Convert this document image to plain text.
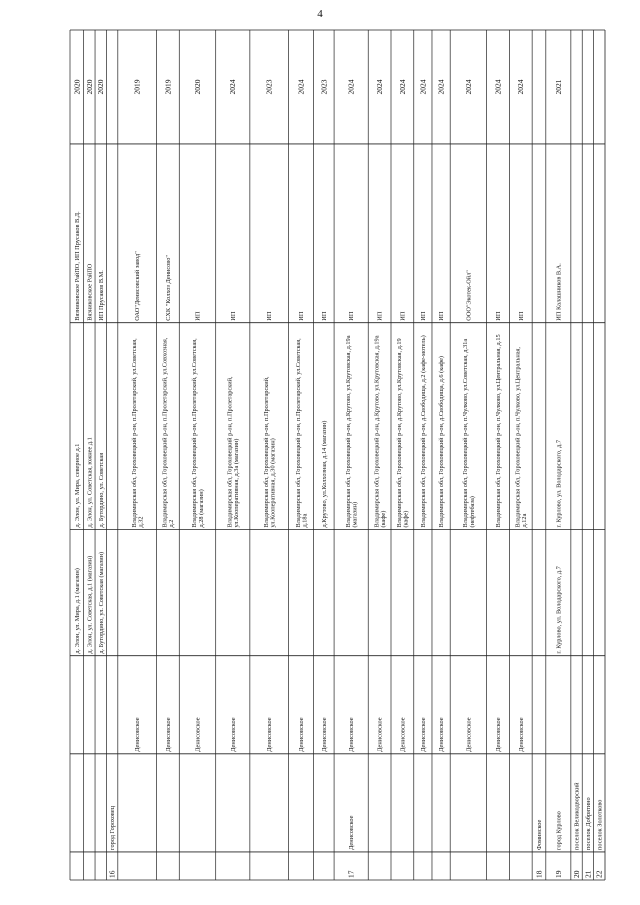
4
д. Элон, ул. Мира, д.1 (магазин)
д. Элон, ул. Мира, северное д.1
Вязниковское РайПО, ИП Прусаков В.Д.
2020
д. Элон, ул. Советская, д.1 (магазин)
д. Элон, ул. Советская, южнее д.1
Вязниковское РайПО
2020
д. Бутордино, ул. Советская (магазин)
д. Бутордино, ул. Советская
ИП Прусаков В.М.
2020
16
город Гороховец
Денисовское
Владимирская обл, Гороховецкий р-он, п.Пролетарский, ул.Советская,д.32
ОАО"Денисовский завод"
2019
Денисовское
Владимирская обл, Гороховецкий р-он, п.Пролетарский, ул.Совхозная,д.2
СХК "Колхоз Денисово"
2019
Денисовское
Владимирская обл, Гороховецкий р-он, п.Пролетарский, ул.Советская,д.28 (магазин)
ИП
2020
Денисовское
Владимирская обл, Гороховецкий р-он, п.Пролетарский,ул.Кооперативная, д.3а (магазин)
ИП
2024
Денисовское
Владимирская обл, Гороховецкий р-он, п.Пролетарский,ул.Кооперативная, д.30 (магазин)
ИП
2023
Денисовское
Владимирская обл, Гороховецкий р-он, п.Пролетарский, ул.Советская,д.18а
ИП
2024
Денисовское
д.Крутово, ул.Колхозная, д.14 (магазин)
ИП
2023
17
Денисовское
Денисовское
Владимирская обл, Гороховецкий р-он, д.Крутово, ул.Крутовская, д.19а(магазин)
ИП
2024
Денисовское
Владимирская обл, Гороховецкий р-он, д.Крутово, ул.Крутовская, д.19а(кафе)
ИП
2024
Денисовское
Владимирская обл, Гороховецкий р-он, д.Крутово, ул.Крутовская, д.19(кафе)
ИП
2024
Денисовское
Владимирская обл, Гороховецкий р-он, д.Свободища, д.2 (кафе-мотель)
ИП
2024
Денисовское
Владимирская обл, Гороховецкий р-он, д.Свободища, д.6 (кафе)
ИП
2024
Денисовское
Владимирская обл, Гороховецкий р-он, п.Чулково, ул.Советская, д.31а(нефтебаза)
ООО"Экотек-Ойл"
2024
Денисовское
Владимирская обл, Гороховецкий р-он, п.Чулково, ул.Центральная, д.15
ИП
2024
Денисовское
Владимирская обл, Гороховецкий р-он, п.Чулково, ул.Центральная,д.12а
ИП
2024
18
Фоминское
19
город Курлово
г. Курлово, ул. Володарского, д.7
г. Курлово, ул. Володарского, д.7
ИП Калашников В.А.
2021
20
поселок Великодворский
21
поселок Добрятино
22
поселок Золотково
